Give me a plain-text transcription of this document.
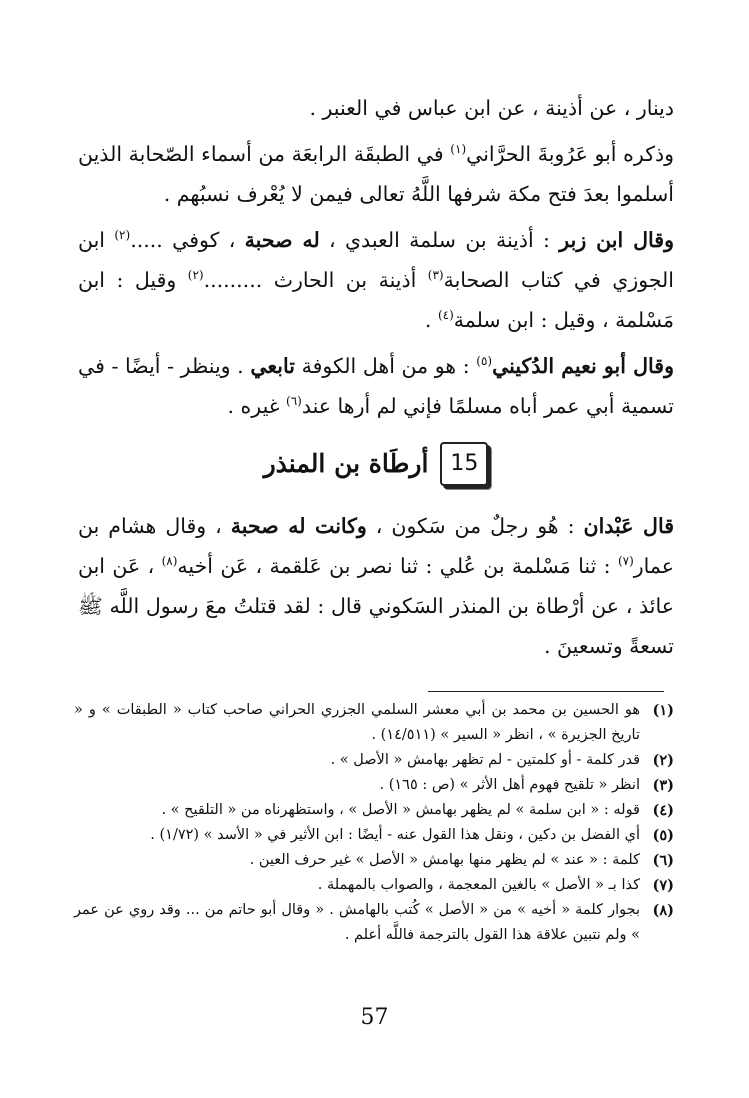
دينار ، عن أذينة ، عن ابن عباس في العنبر .

وذكره أبو عَرُوبةَ الحرَّاني$^{(١)}$ في الطبقَة الرابعَة من أسماء الصّحابة الذين أسلموا بعدَ فتح مكة شرفها اللَّهُ تعالى فيمن لا يُعْرف نسبُهم .

وقال ابن زبر : أذينة بن سلمة العبدي ، له صحبة ، كوفي .....$^{(٢)}$ ابن الجوزي في كتاب الصحابة$^{(٣)}$ أذينة بن الحارث .........$^{(٢)}$ وقيل : ابن مَسْلمة ، وقيل : ابن سلمة$^{(٤)}$ .

وقال أبو نعيم الدُكيني$^{(٥)}$ : هو من أهل الكوفة تابعي . وينظر - أيضًا - في تسمية أبي عمر أباه مسلمًا فإني لم أرها عند$^{(٦)}$ غيره .

15
أرطَاة بن المنذر

قال عَبْدان : هُو رجلٌ من سَكون ، وكانت له صحبة ، وقال هشام بن عمار$^{(٧)}$ : ثنا مَسْلمة بن عُلي : ثنا نصر بن عَلقمة ، عَن أخيه$^{(٨)}$ ، عَن ابن عائذ ، عن أرْطاة بن المنذر السَكوني قال : لقد قتلتُ معَ رسول اللَّه ﷺ تسعةً وتسعينَ .

(١)
هو الحسين بن محمد بن أبي معشر السلمي الجزري الحراني صاحب كتاب « الطبقات » و « تاريخ الجزيرة » ، انظر « السير » (١٤/٥١١) .
(٢)
قدر كلمة - أو كلمتين - لم تظهر بهامش « الأصل » .
(٣)
انظر « تلقيح فهوم أهل الأثر » (ص : ١٦٥) .
(٤)
قوله : « ابن سلمة » لم يظهر بهامش « الأصل » ، واستظهرناه من « التلقيح » .
(٥)
أي الفضل بن دكين ، ونقل هذا القول عنه - أيضًا : ابن الأثير في « الأسد » (١/٧٢) .
(٦)
كلمة : « عند » لم يظهر منها بهامش « الأصل » غير حرف العين .
(٧)
كذا بـ « الأصل » بالغين المعجمة ، والصواب بالمهملة .
(٨)
بجوار كلمة « أخيه » من « الأصل » كُتب بالهامش . « وقال أبو حاتم من ... وقد روي عن عمر » ولم نتبين علاقة هذا القول بالترجمة فاللَّه أعلم .
57
